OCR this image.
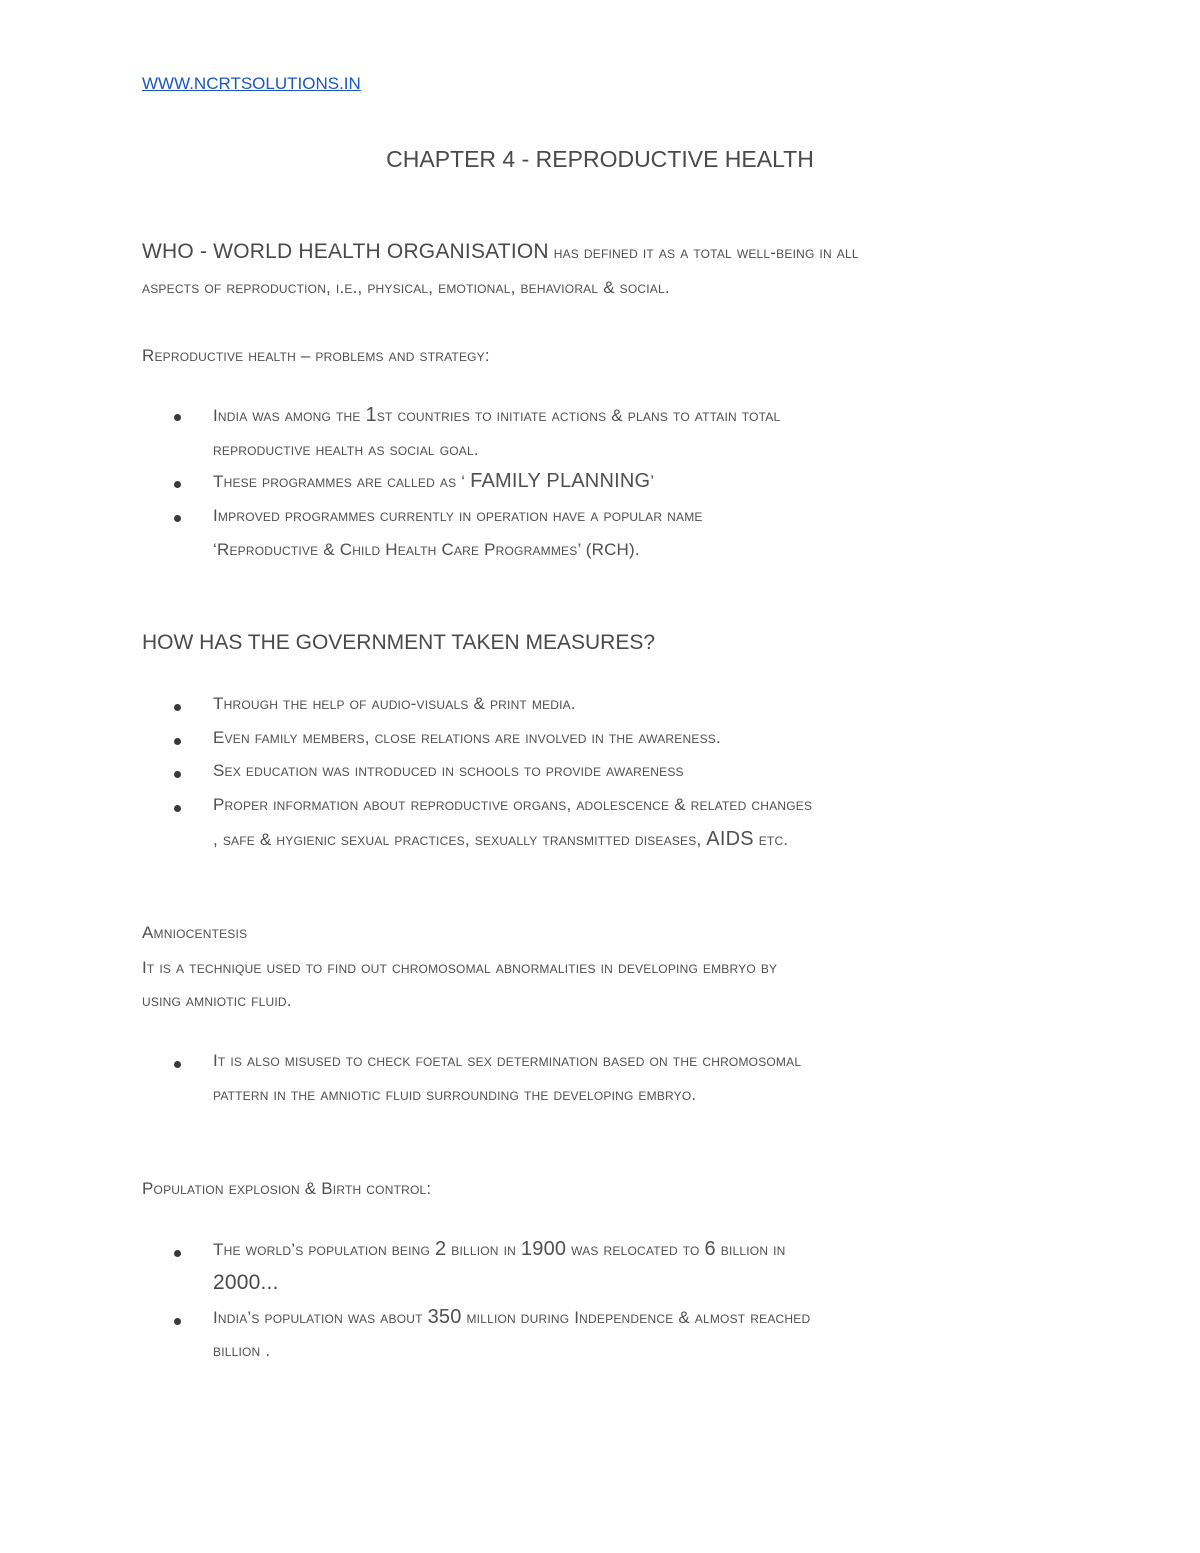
WWW.NCRTSOLUTIONS.IN
CHAPTER 4 - REPRODUCTIVE HEALTH
WHO - WORLD HEALTH ORGANISATION has defined it as a total well-being in all
aspects of reproduction, i.e., physical, emotional, behavioral & social.
Reproductive health – problems and strategy:
India was among the 1st countries to initiate actions & plans to attain total
reproductive health as social goal.
These programmes are called as ‘ FAMILY PLANNING’
Improved programmes currently in operation have a popular name
‘Reproductive & Child Health Care Programmes’ (RCH).
HOW HAS THE GOVERNMENT TAKEN MEASURES?
Through the help of audio-visuals & print media.
Even family members, close relations are involved in the awareness.
Sex education was introduced in schools to provide awareness
Proper information about reproductive organs, adolescence & related changes
, safe & hygienic sexual practices, sexually transmitted diseases, AIDS etc.
Amniocentesis
It is a technique used to find out chromosomal abnormalities in developing embryo by
using amniotic fluid.
It is also misused to check foetal sex determination based on the chromosomal
pattern in the amniotic fluid surrounding the developing embryo.
Population explosion & Birth control:
The world’s population being 2 billion in 1900 was relocated to 6 billion in
2000...
India’s population was about 350 million during Independence & almost reached
billion .
